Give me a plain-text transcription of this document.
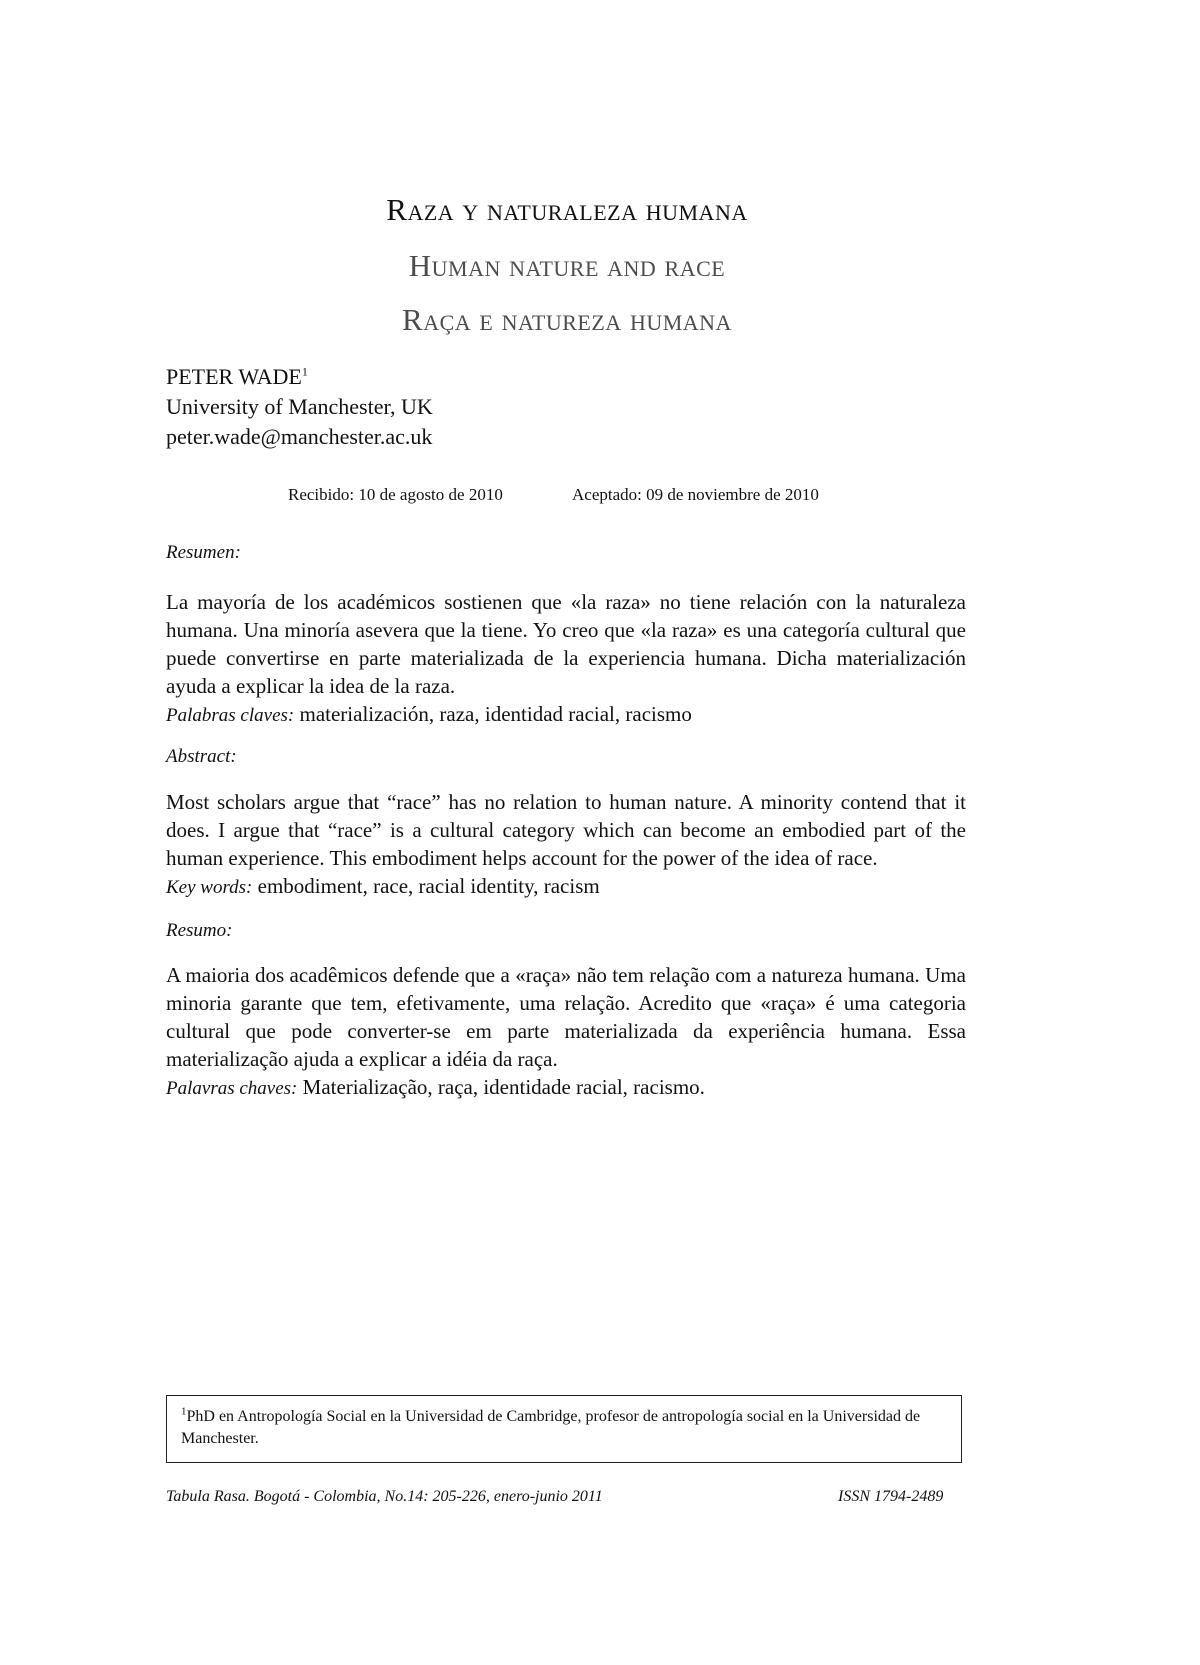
Raza y naturaleza humana
Human nature and race
Raça e natureza humana
PETER WADE$^1$
University of Manchester, UK
peter.wade@manchester.ac.uk
Recibido: 10 de agosto de 2010	Aceptado: 09 de noviembre de 2010
Resumen:

La mayoría de los académicos sostienen que «la raza» no tiene relación con la naturaleza humana. Una minoría asevera que la tiene. Yo creo que «la raza» es una categoría cultural que puede convertirse en parte materializada de la experiencia humana. Dicha materialización ayuda a explicar la idea de la raza.

Palabras claves: materialización, raza, identidad racial, racismo

Abstract:

Most scholars argue that “race” has no relation to human nature. A minority contend that it does. I argue that “race” is a cultural category which can become an embodied part of the human experience. This embodiment helps account for the power of the idea of race.

Key words: embodiment, race, racial identity, racism

Resumo:

A maioria dos acadêmicos defende que a «raça» não tem relação com a natureza humana. Uma minoria garante que tem, efetivamente, uma relação. Acredito que «raça» é uma categoria cultural que pode converter-se em parte materializada da experiência humana. Essa materialização ajuda a explicar a idéia da raça.

Palavras chaves: Materialização, raça, identidade racial, racismo.

$^1$PhD en Antropología Social en la Universidad de Cambridge, profesor de antropología social en la Universidad de Manchester.
Tabula Rasa. Bogotá - Colombia, No.14: 205-226, enero-junio 2011	ISSN 1794-2489
